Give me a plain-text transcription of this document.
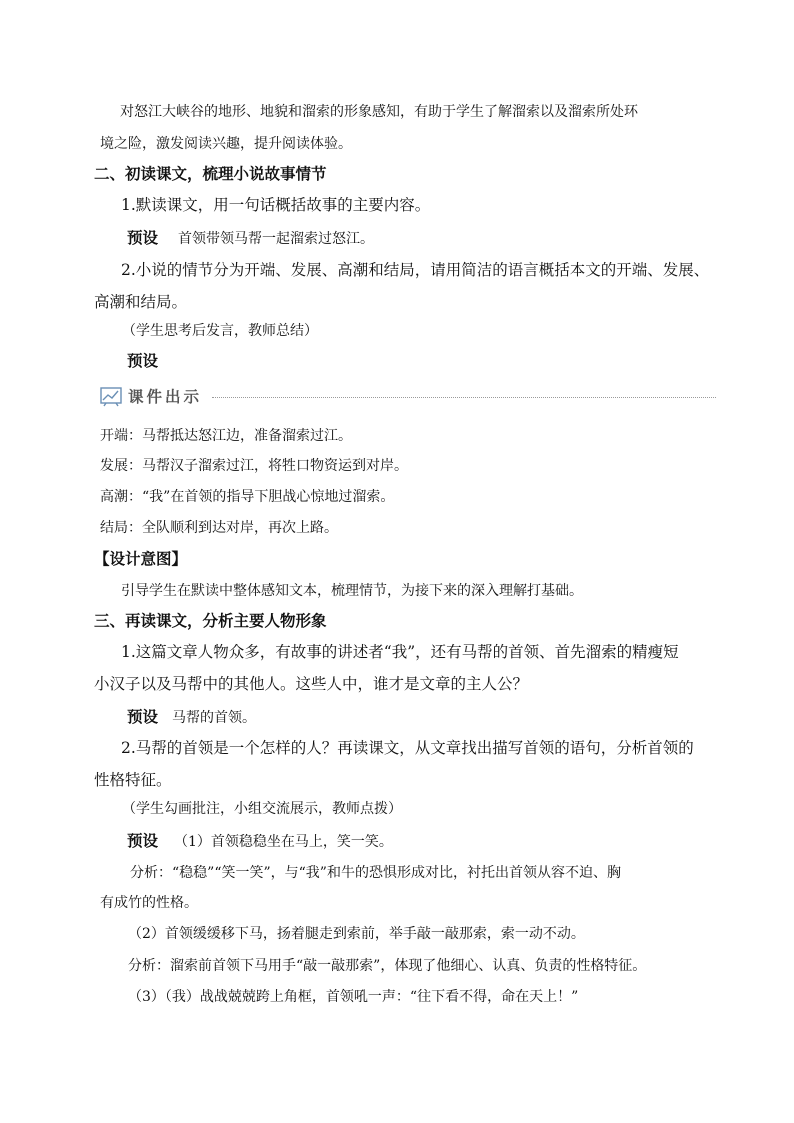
对怒江大峡谷的地形、地貌和溜索的形象感知，有助于学生了解溜索以及溜索所处环
境之险，激发阅读兴趣，提升阅读体验。
二、初读课文，梳理小说故事情节
1.默读课文，用一句话概括故事的主要内容。
预设 首领带领马帮一起溜索过怒江。
2.小说的情节分为开端、发展、高潮和结局，请用简洁的语言概括本文的开端、发展、
高潮和结局。
（学生思考后发言，教师总结）
预设
课件出示
开端：马帮抵达怒江边，准备溜索过江。
发展：马帮汉子溜索过江，将牲口物资运到对岸。
高潮：“我”在首领的指导下胆战心惊地过溜索。
结局：全队顺利到达对岸，再次上路。
【设计意图】
引导学生在默读中整体感知文本，梳理情节，为接下来的深入理解打基础。
三、再读课文，分析主要人物形象
1.这篇文章人物众多，有故事的讲述者“我”，还有马帮的首领、首先溜索的精瘦短
小汉子以及马帮中的其他人。这些人中，谁才是文章的主人公？
预设 马帮的首领。
2.马帮的首领是一个怎样的人？再读课文，从文章找出描写首领的语句，分析首领的
性格特征。
（学生勾画批注，小组交流展示，教师点拨）
预设 （1）首领稳稳坐在马上，笑一笑。
分析：“稳稳”“笑一笑”，与“我”和牛的恐惧形成对比，衬托出首领从容不迫、胸
有成竹的性格。
（2）首领缓缓移下马，扬着腿走到索前，举手敲一敲那索，索一动不动。
分析：溜索前首领下马用手“敲一敲那索”，体现了他细心、认真、负责的性格特征。
（3）（我）战战兢兢跨上角框，首领吼一声：“往下看不得，命在天上！”
